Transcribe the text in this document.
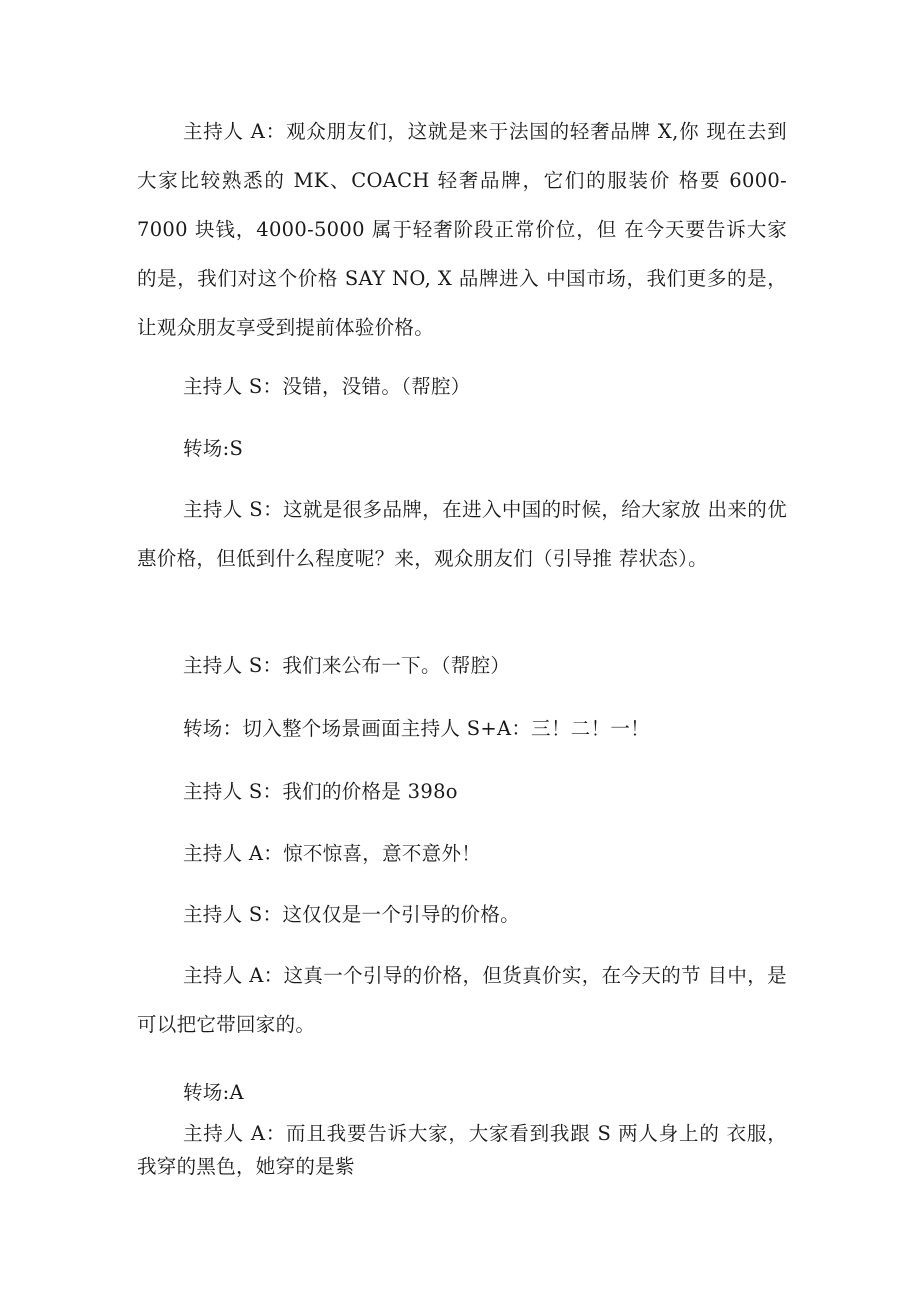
主持人 A：观众朋友们，这就是来于法国的轻奢品牌 X,你 现在去到大家比较熟悉的 MK、COACH 轻奢品牌，它们的服装价 格要 6000-7000 块钱，4000-5000 属于轻奢阶段正常价位，但 在今天要告诉大家的是，我们对这个价格 SAY NO, X 品牌进入 中国市场，我们更多的是，让观众朋友享受到提前体验价格。

主持人 S：没错，没错。（帮腔）

转场:S

主持人 S：这就是很多品牌，在进入中国的时候，给大家放 出来的优惠价格，但低到什么程度呢？来，观众朋友们（引导推 荐状态）。

主持人 S：我们来公布一下。（帮腔）

转场：切入整个场景画面主持人 S+A：三！二！一！

主持人 S：我们的价格是 398o

主持人 A：惊不惊喜，意不意外！

主持人 S：这仅仅是一个引导的价格。

主持人 A：这真一个引导的价格，但货真价实，在今天的节 目中，是可以把它带回家的。

转场:A

主持人 A：而且我要告诉大家，大家看到我跟 S 两人身上的 衣服，我穿的黑色，她穿的是紫
